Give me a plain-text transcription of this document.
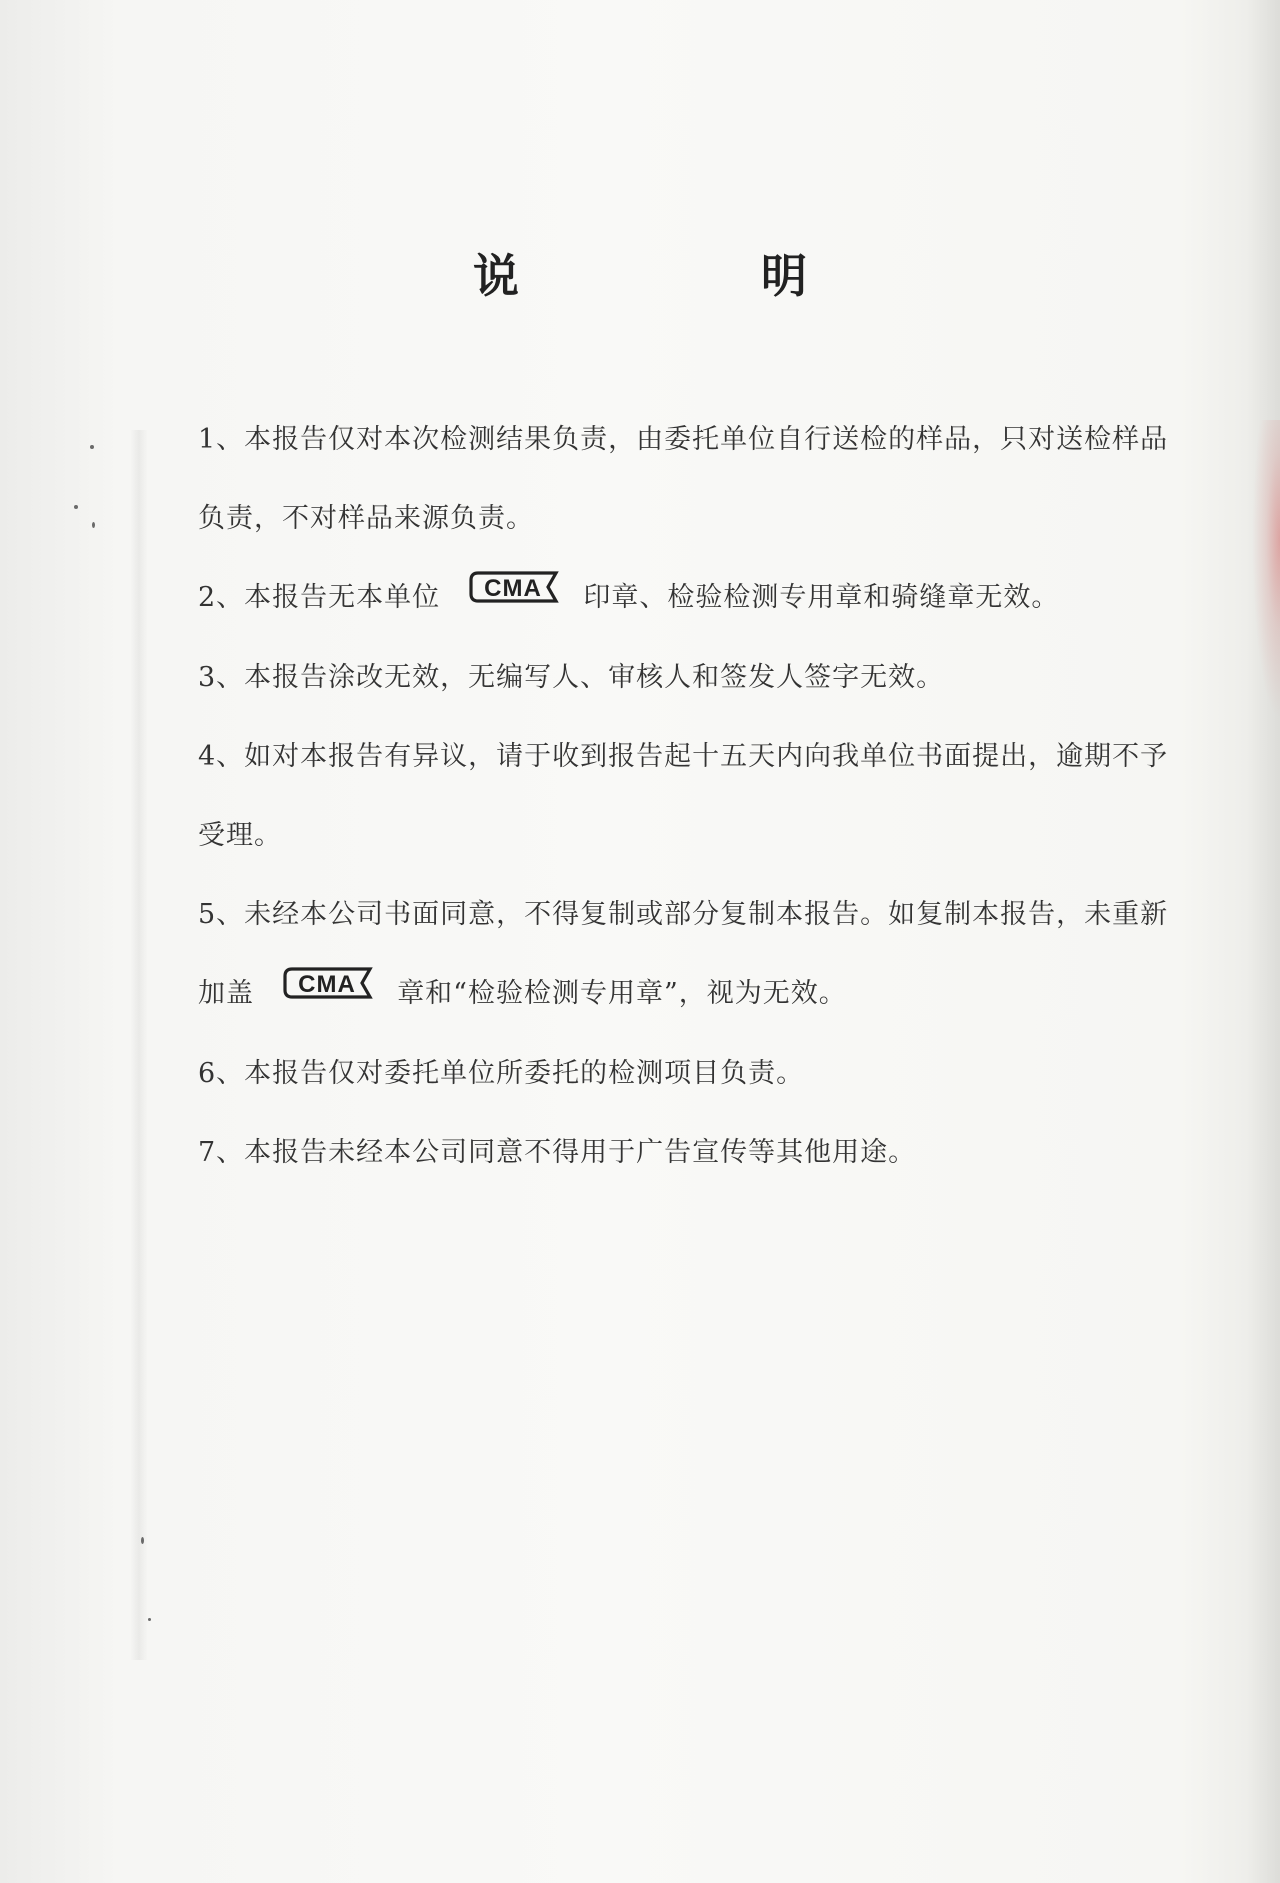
说　明
1、本报告仅对本次检测结果负责，由委托单位自行送检的样品，只对送检样品负责，不对样品来源负责。
2、本报告无本单位 CMA 印章、检验检测专用章和骑缝章无效。
3、本报告涂改无效，无编写人、审核人和签发人签字无效。
4、如对本报告有异议，请于收到报告起十五天内向我单位书面提出，逾期不予受理。
5、未经本公司书面同意，不得复制或部分复制本报告。如复制本报告，未重新加盖 CMA 章和“检验检测专用章”，视为无效。
6、本报告仅对委托单位所委托的检测项目负责。
7、本报告未经本公司同意不得用于广告宣传等其他用途。
